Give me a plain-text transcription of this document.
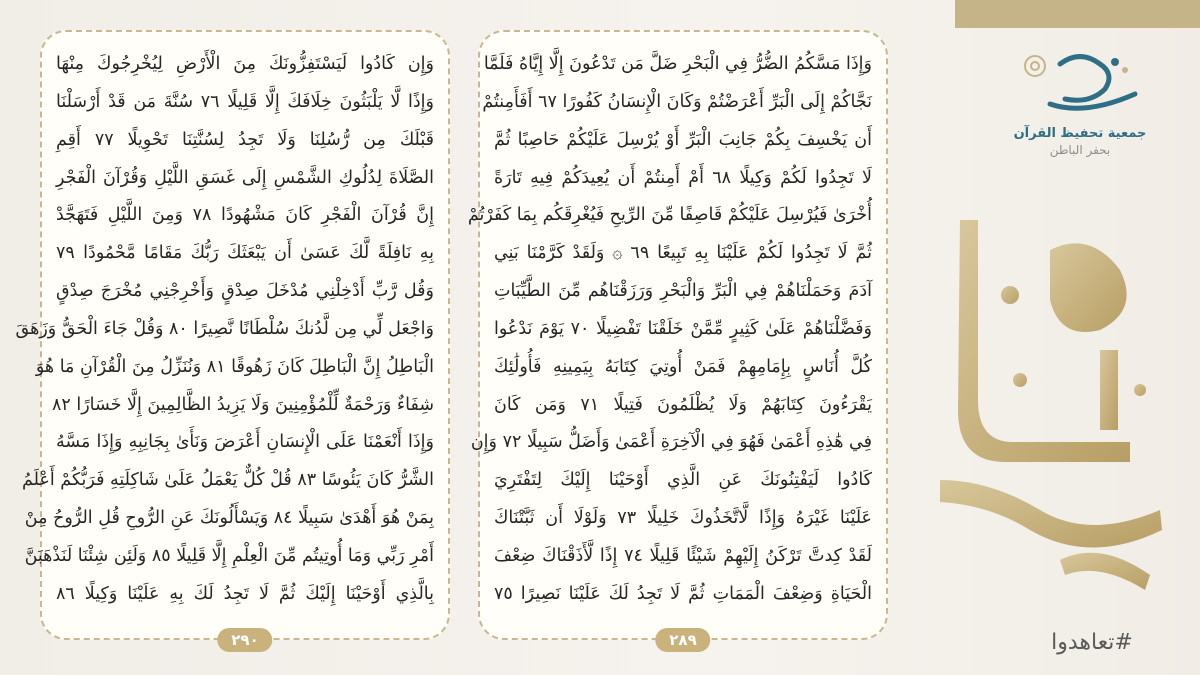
وَإِن كَادُوا لَيَسْتَفِزُّونَكَ مِنَ الْأَرْضِ لِيُخْرِجُوكَ مِنْهَا
وَإِذًا لَّا يَلْبَثُونَ خِلَافَكَ إِلَّا قَلِيلًا ٧٦ سُنَّةَ مَن قَدْ أَرْسَلْنَا
قَبْلَكَ مِن رُّسُلِنَا وَلَا تَجِدُ لِسُنَّتِنَا تَحْوِيلًا ٧٧ أَقِمِ
الصَّلَاةَ لِدُلُوكِ الشَّمْسِ إِلَى غَسَقِ اللَّيْلِ وَقُرْآنَ الْفَجْرِ
إِنَّ قُرْآنَ الْفَجْرِ كَانَ مَشْهُودًا ٧٨ وَمِنَ اللَّيْلِ فَتَهَجَّدْ
بِهِ نَافِلَةً لَّكَ عَسَىٰ أَن يَبْعَثَكَ رَبُّكَ مَقَامًا مَّحْمُودًا ٧٩
وَقُل رَّبِّ أَدْخِلْنِي مُدْخَلَ صِدْقٍ وَأَخْرِجْنِي مُخْرَجَ صِدْقٍ
وَاجْعَل لِّي مِن لَّدُنكَ سُلْطَانًا نَّصِيرًا ٨٠ وَقُلْ جَاءَ الْحَقُّ وَزَهَقَ
الْبَاطِلُ إِنَّ الْبَاطِلَ كَانَ زَهُوقًا ٨١ وَنُنَزِّلُ مِنَ الْقُرْآنِ مَا هُوَ
شِفَاءٌ وَرَحْمَةٌ لِّلْمُؤْمِنِينَ وَلَا يَزِيدُ الظَّالِمِينَ إِلَّا خَسَارًا ٨٢
وَإِذَا أَنْعَمْنَا عَلَى الْإِنسَانِ أَعْرَضَ وَنَأَىٰ بِجَانِبِهِ وَإِذَا مَسَّهُ
الشَّرُّ كَانَ يَئُوسًا ٨٣ قُلْ كُلٌّ يَعْمَلُ عَلَىٰ شَاكِلَتِهِ فَرَبُّكُمْ أَعْلَمُ
بِمَنْ هُوَ أَهْدَىٰ سَبِيلًا ٨٤ وَيَسْأَلُونَكَ عَنِ الرُّوحِ قُلِ الرُّوحُ مِنْ
أَمْرِ رَبِّي وَمَا أُوتِيتُم مِّنَ الْعِلْمِ إِلَّا قَلِيلًا ٨٥ وَلَئِن شِئْنَا لَنَذْهَبَنَّ
بِالَّذِي أَوْحَيْنَا إِلَيْكَ ثُمَّ لَا تَجِدُ لَكَ بِهِ عَلَيْنَا وَكِيلًا ٨٦
٢٩٠
وَإِذَا مَسَّكُمُ الضُّرُّ فِي الْبَحْرِ ضَلَّ مَن تَدْعُونَ إِلَّا إِيَّاهُ فَلَمَّا
نَجَّاكُمْ إِلَى الْبَرِّ أَعْرَضْتُمْ وَكَانَ الْإِنسَانُ كَفُورًا ٦٧ أَفَأَمِنتُمْ
أَن يَخْسِفَ بِكُمْ جَانِبَ الْبَرِّ أَوْ يُرْسِلَ عَلَيْكُمْ حَاصِبًا ثُمَّ
لَا تَجِدُوا لَكُمْ وَكِيلًا ٦٨ أَمْ أَمِنتُمْ أَن يُعِيدَكُمْ فِيهِ تَارَةً
أُخْرَىٰ فَيُرْسِلَ عَلَيْكُمْ قَاصِفًا مِّنَ الرِّيحِ فَيُغْرِقَكُم بِمَا كَفَرْتُمْ
ثُمَّ لَا تَجِدُوا لَكُمْ عَلَيْنَا بِهِ تَبِيعًا ٦٩ ۞ وَلَقَدْ كَرَّمْنَا بَنِي
آدَمَ وَحَمَلْنَاهُمْ فِي الْبَرِّ وَالْبَحْرِ وَرَزَقْنَاهُم مِّنَ الطَّيِّبَاتِ
وَفَضَّلْنَاهُمْ عَلَىٰ كَثِيرٍ مِّمَّنْ خَلَقْنَا تَفْضِيلًا ٧٠ يَوْمَ نَدْعُوا
كُلَّ أُنَاسٍ بِإِمَامِهِمْ فَمَنْ أُوتِيَ كِتَابَهُ بِيَمِينِهِ فَأُولَٰئِكَ
يَقْرَءُونَ كِتَابَهُمْ وَلَا يُظْلَمُونَ فَتِيلًا ٧١ وَمَن كَانَ
فِي هَٰذِهِ أَعْمَىٰ فَهُوَ فِي الْآخِرَةِ أَعْمَىٰ وَأَضَلُّ سَبِيلًا ٧٢ وَإِن
كَادُوا لَيَفْتِنُونَكَ عَنِ الَّذِي أَوْحَيْنَا إِلَيْكَ لِتَفْتَرِيَ
عَلَيْنَا غَيْرَهُ وَإِذًا لَّاتَّخَذُوكَ خَلِيلًا ٧٣ وَلَوْلَا أَن ثَبَّتْنَاكَ
لَقَدْ كِدتَّ تَرْكَنُ إِلَيْهِمْ شَيْئًا قَلِيلًا ٧٤ إِذًا لَّأَذَقْنَاكَ ضِعْفَ
الْحَيَاةِ وَضِعْفَ الْمَمَاتِ ثُمَّ لَا تَجِدُ لَكَ عَلَيْنَا نَصِيرًا ٧٥
٢٨٩
جمعية تحفيظ القرآن
بحفر الباطن
#تعاهدوا
